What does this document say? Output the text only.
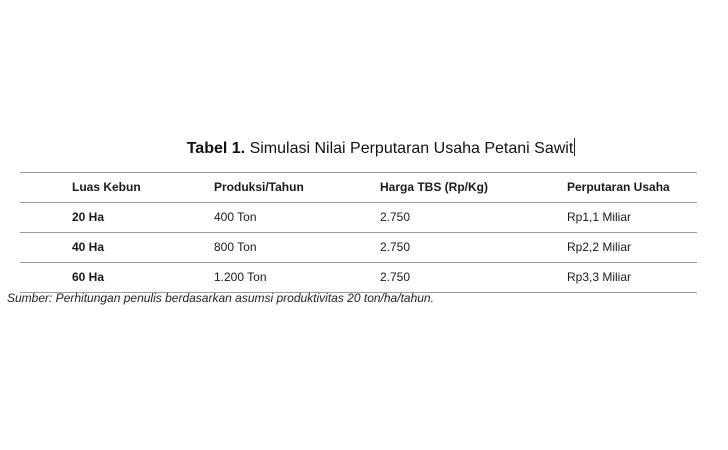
Tabel 1. Simulasi Nilai Perputaran Usaha Petani Sawit
Luas Kebun	Produksi/Tahun	Harga TBS (Rp/Kg)	Perputaran Usaha
20 Ha	400 Ton	2.750	Rp1,1 Miliar
40 Ha	800 Ton	2.750	Rp2,2 Miliar
60 Ha	1.200 Ton	2.750	Rp3,3 Miliar
Sumber: Perhitungan penulis berdasarkan asumsi produktivitas 20 ton/ha/tahun.
